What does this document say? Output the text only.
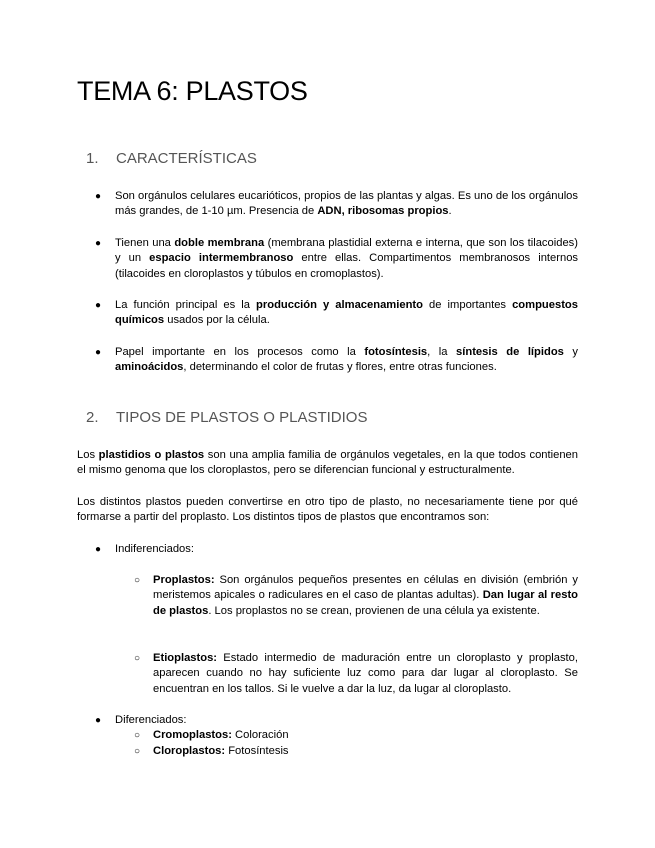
TEMA 6: PLASTOS
1. CARACTERÍSTICAS
● Son orgánulos celulares eucarióticos, propios de las plantas y algas. Es uno de los orgánulos más grandes, de 1-10 µm. Presencia de ADN, ribosomas propios.

● Tienen una doble membrana (membrana plastidial externa e interna, que son los tilacoides) y un espacio intermembranoso entre ellas. Compartimentos membranosos internos (tilacoides en cloroplastos y túbulos en cromoplastos).

● La función principal es la producción y almacenamiento de importantes compuestos químicos usados por la célula.

● Papel importante en los procesos como la fotosíntesis, la síntesis de lípidos y aminoácidos, determinando el color de frutas y flores, entre otras funciones.

2. TIPOS DE PLASTOS O PLASTIDIOS

Los plastidios o plastos son una amplia familia de orgánulos vegetales, en la que todos contienen el mismo genoma que los cloroplastos, pero se diferencian funcional y estructuralmente.

Los distintos plastos pueden convertirse en otro tipo de plasto, no necesariamente tiene por qué formarse a partir del proplasto. Los distintos tipos de plastos que encontramos son:

● Indiferenciados:

○ Proplastos: Son orgánulos pequeños presentes en células en división (embrión y meristemos apicales o radiculares en el caso de plantas adultas). Dan lugar al resto de plastos. Los proplastos no se crean, provienen de una célula ya existente.

○ Etioplastos: Estado intermedio de maduración entre un cloroplasto y proplasto, aparecen cuando no hay suficiente luz como para dar lugar al cloroplasto. Se encuentran en los tallos. Si le vuelve a dar la luz, da lugar al cloroplasto.

● Diferenciados:

○ Cromoplastos: Coloración

○ Cloroplastos: Fotosíntesis
